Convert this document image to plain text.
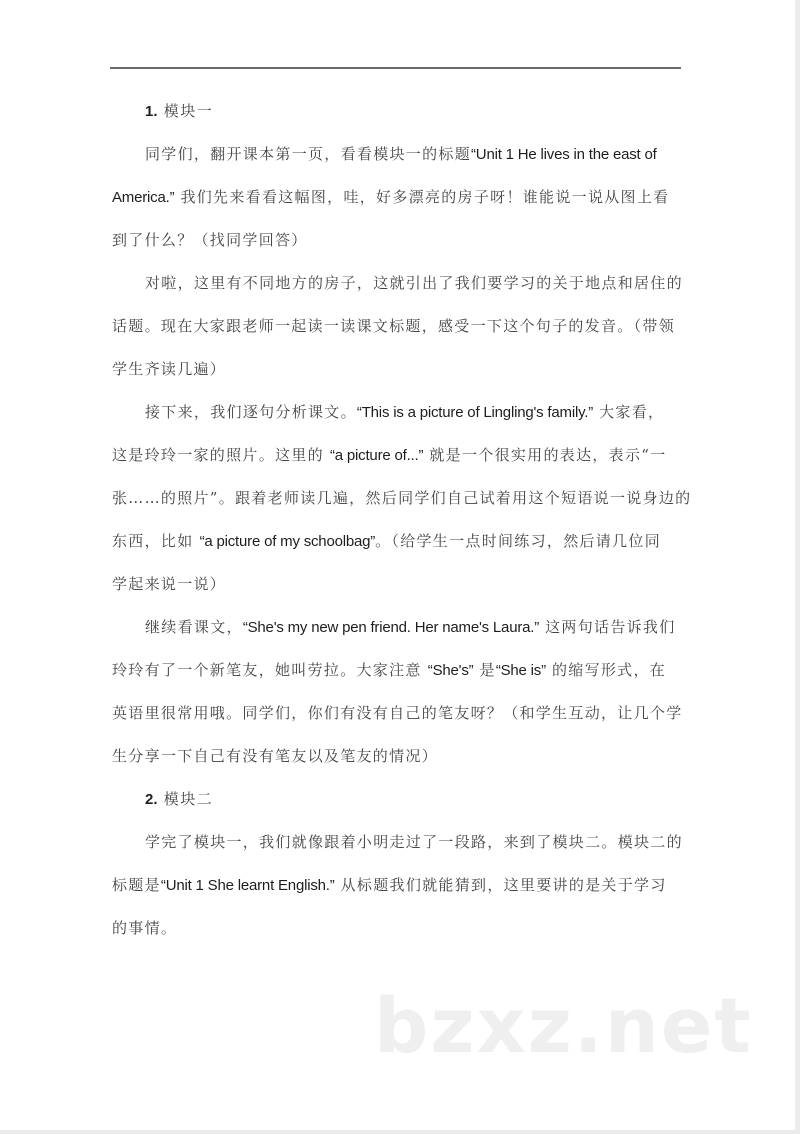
1. 模块一

同学们，翻开课本第一页，看看模块一的标题“Unit 1 He lives in the east of
America.” 我们先来看看这幅图，哇，好多漂亮的房子呀！谁能说一说从图上看
到了什么？（找同学回答）
对啦，这里有不同地方的房子，这就引出了我们要学习的关于地点和居住的
话题。现在大家跟老师一起读一读课文标题，感受一下这个句子的发音。（带领
学生齐读几遍）
接下来，我们逐句分析课文。“This is a picture of Lingling's family.” 大家看，
这是玲玲一家的照片。这里的 “a picture of...” 就是一个很实用的表达，表示“一
张……的照片”。跟着老师读几遍，然后同学们自己试着用这个短语说一说身边的
东西，比如 “a picture of my schoolbag”。（给学生一点时间练习，然后请几位同
学起来说一说）
继续看课文，“She's my new pen friend. Her name's Laura.” 这两句话告诉我们
玲玲有了一个新笔友，她叫劳拉。大家注意 “She's” 是“She is” 的缩写形式，在
英语里很常用哦。同学们，你们有没有自己的笔友呀？（和学生互动，让几个学
生分享一下自己有没有笔友以及笔友的情况）

2. 模块二

学完了模块一，我们就像跟着小明走过了一段路，来到了模块二。模块二的
标题是“Unit 1 She learnt English.” 从标题我们就能猜到，这里要讲的是关于学习
的事情。
bzxz.net
